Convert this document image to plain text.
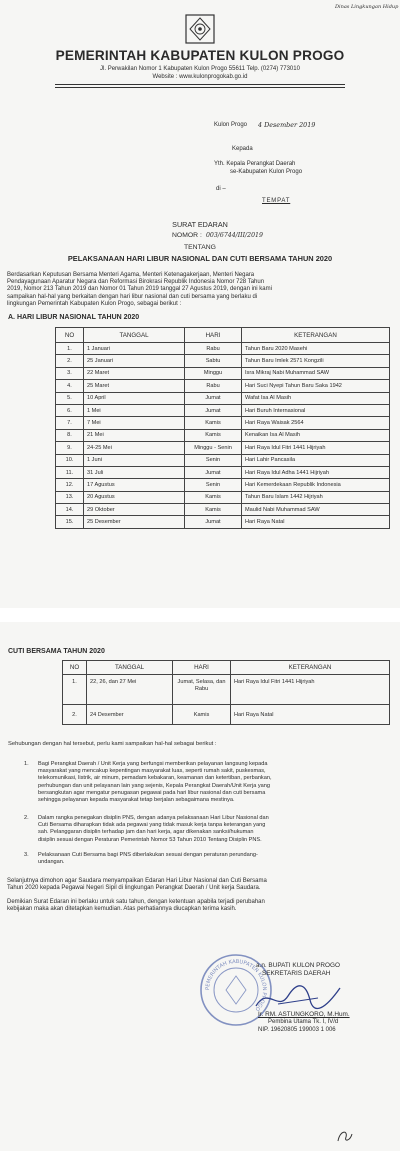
Dinas Lingkungan Hidup
PEMERINTAH KABUPATEN KULON PROGO
Jl. Perwakilan Nomor 1 Kabupaten Kulon Progo 55611 Telp. (0274) 773010
Website : www.kulonprogokab.go.id
Kulon Progo 4 Desember 2019
Kepada
Yth. Kepala Perangkat Daerah
se-Kabupaten Kulon Progo
di –
TEMPAT
SURAT EDARAN
NOMOR : 003/6744/III/2019
TENTANG
PELAKSANAAN HARI LIBUR NASIONAL DAN CUTI BERSAMA TAHUN 2020
Berdasarkan Keputusan Bersama Menteri Agama, Menteri Ketenagakerjaan, Menteri Negara
Pendayagunaan Aparatur Negara dan Reformasi Birokrasi Republik Indonesia Nomor 728 Tahun
2019, Nomor 213 Tahun 2019 dan Nomor 01 Tahun 2019 tanggal 27 Agustus 2019, dengan ini kami
sampaikan hal-hal yang berkaitan dengan hari libur nasional dan cuti bersama yang berlaku di
lingkungan Pemerintah Kabupaten Kulon Progo, sebagai berikut :
A. HARI LIBUR NASIONAL TAHUN 2020
NO	TANGGAL	HARI	KETERANGAN
1.	1 Januari	Rabu	Tahun Baru 2020 Masehi
2.	25 Januari	Sabtu	Tahun Baru Imlek 2571 Kongzili
3.	22 Maret	Minggu	Isra Mikraj Nabi Muhammad SAW
4.	25 Maret	Rabu	Hari Suci Nyepi Tahun Baru Saka 1942
5.	10 April	Jumat	Wafat Isa Al Masih
6.	1 Mei	Jumat	Hari Buruh Internasional
7.	7 Mei	Kamis	Hari Raya Waisak 2564
8.	21 Mei	Kamis	Kenaikan Isa Al Masih
9.	24-25 Mei	Minggu - Senin	Hari Raya Idul Fitri 1441 Hijriyah
10.	1 Juni	Senin	Hari Lahir Pancasila
11.	31 Juli	Jumat	Hari Raya Idul Adha 1441 Hijriyah
12.	17 Agustus	Senin	Hari Kemerdekaan Republik Indonesia
13.	20 Agustus	Kamis	Tahun Baru Islam 1442 Hijriyah
14.	29 Oktober	Kamis	Maulid Nabi Muhammad SAW
15.	25 Desember	Jumat	Hari Raya Natal
CUTI BERSAMA TAHUN 2020
NO	TANGGAL	HARI	KETERANGAN
1.	22, 26, dan 27 Mei	Jumat, Selasa, dan Rabu	Hari Raya Idul Fitri 1441 Hijriyah
2.	24 Desember	Kamis	Hari Raya Natal
Sehubungan dengan hal tersebut, perlu kami sampaikan hal-hal sebagai berikut :
1. Bagi Perangkat Daerah / Unit Kerja yang berfungsi memberikan pelayanan langsung kepada
masyarakat yang mencakup kepentingan masyarakat luas, seperti rumah sakit, puskesmas,
telekomunikasi, listrik, air minum, pemadam kebakaran, keamanan dan ketertiban, perbankan,
perhubungan dan unit pelayanan lain yang sejenis, Kepala Perangkat Daerah/Unit Kerja yang
bersangkutan agar mengatur penugasan pegawai pada hari libur nasional dan cuti bersama
sehingga pelayanan kepada masyarakat tetap berjalan sebagaimana mestinya.
2. Dalam rangka penegakan disiplin PNS, dengan adanya pelaksanaan Hari Libur Nasional dan
Cuti Bersama diharapkan tidak ada pegawai yang tidak masuk kerja tanpa keterangan yang
sah. Pelanggaran disiplin terhadap jam dan hari kerja, agar dikenakan sanksi/hukuman
disiplin sesuai dengan Peraturan Pemerintah Nomor 53 Tahun 2010 Tentang Disiplin PNS.
3. Pelaksanaan Cuti Bersama bagi PNS diberlakukan sesuai dengan peraturan perundang-
undangan.
Selanjutnya dimohon agar Saudara menyampaikan Edaran Hari Libur Nasional dan Cuti Bersama
Tahun 2020 kepada Pegawai Negeri Sipil di lingkungan Perangkat Daerah / Unit kerja Saudara.
Demikian Surat Edaran ini berlaku untuk satu tahun, dengan ketentuan apabila terjadi perubahan
kebijakan maka akan ditetapkan kemudian. Atas perhatiannya diucapkan terima kasih.
PEMERINTAH KABUPATEN KULON PROGO
a.n. BUPATI KULON PROGO
SEKRETARIS DAERAH
Ir. RM. ASTUNGKORO, M.Hum.
Pembina Utama Tk. I, IV/d
NIP. 19620805 199003 1 006
